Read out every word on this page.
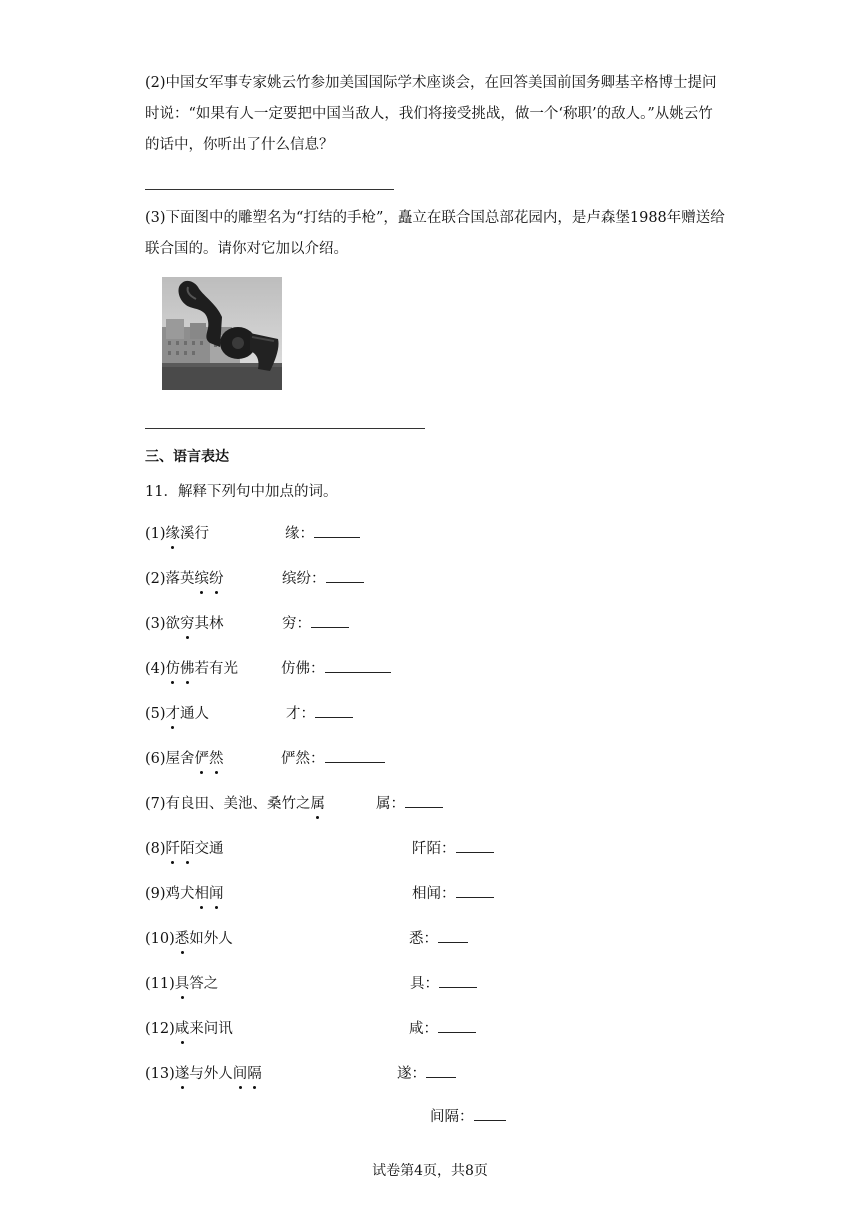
(2)中国女军事专家姚云竹参加美国国际学术座谈会，在回答美国前国务卿基辛格博士提问时说：“如果有人一定要把中国当敌人，我们将接受挑战，做一个‘称职’的敌人。”从姚云竹的话中，你听出了什么信息？
(3)下面图中的雕塑名为“打结的手枪”，矗立在联合国总部花园内，是卢森堡1988年赠送给联合国的。请你对它加以介绍。
三、语言表达
11．解释下列句中加点的词。
(1)缘溪行	缘：
(2)落英缤纷	缤纷：
(3)欲穷其林	穷：
(4)仿佛若有光	仿佛：
(5)才通人	才：
(6)屋舍俨然	俨然：
(7)有良田、美池、桑竹之属	属：
(8)阡陌交通	阡陌：
(9)鸡犬相闻	相闻：
(10)悉如外人	悉：
(11)具答之	具：
(12)咸来问讯	咸：
(13)遂与外人间隔	遂：
间隔：
试卷第4页，共8页
